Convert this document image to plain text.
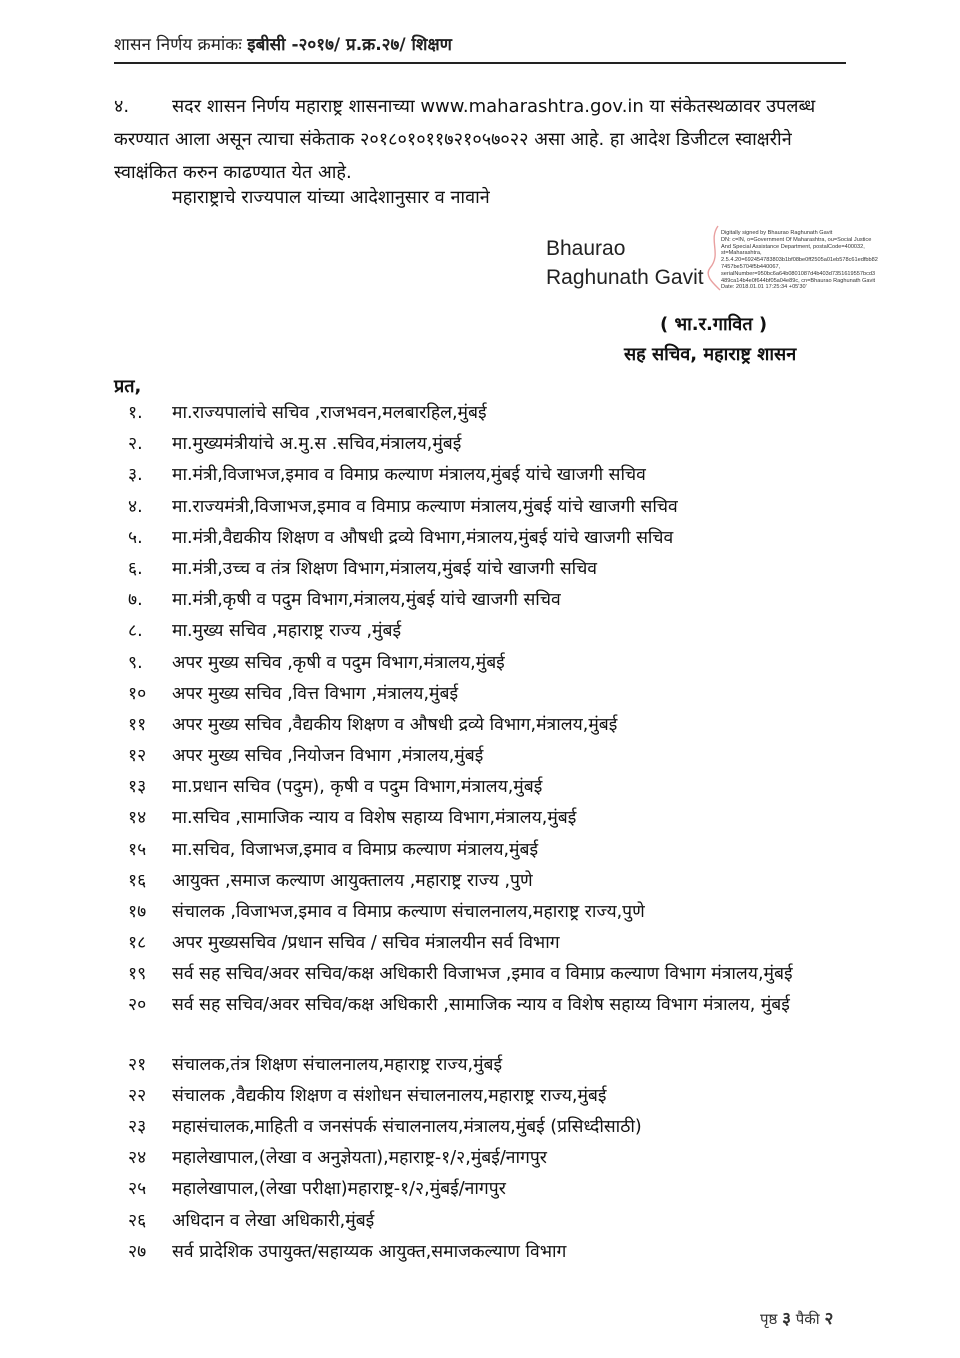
शासन निर्णय क्रमांकः इबीसी -२०१७/ प्र.क्र.२७/ शिक्षण
४. सदर शासन निर्णय महाराष्ट्र शासनाच्या www.maharashtra.gov.in या संकेतस्थळावर उपलब्ध करण्यात आला असून त्याचा संकेताक २०१८०१०११७२१०५७०२२ असा आहे. हा आदेश डिजीटल स्वाक्षरीने स्वाक्षंकित करुन काढण्यात येत आहे.
महाराष्ट्राचे राज्यपाल यांच्या आदेशानुसार व नावाने
Bhaurao
Raghunath Gavit
Digitally signed by Bhaurao Raghunath Gavit
DN: c=IN, o=Government Of Maharashtra, ou=Social Justice
And Special Assistance Department, postalCode=400032,
st=Maharashtra,
2.5.4.20=692454783803b1bf08be0ff2505a01eb578c61edfbb82
7457be5704f5b440067,
serialNumber=950bc6a64b0801087d4b403d7351619557bcd3
489ca14b4e0f644bf05a04e89c, cn=Bhaurao Raghunath Gavit
Date: 2018.01.01 17:25:34 +05'30'
( भा.र.गावित )
सह सचिव, महाराष्ट्र शासन
प्रत,
१.	मा.राज्यपालांचे सचिव ,राजभवन,मलबारहिल,मुंबई
२.	मा.मुख्यमंत्रीयांचे अ.मु.स .सचिव,मंत्रालय,मुंबई
३.	मा.मंत्री,विजाभज,इमाव व विमाप्र कल्याण मंत्रालय,मुंबई यांचे खाजगी सचिव
४.	मा.राज्यमंत्री,विजाभज,इमाव व विमाप्र कल्याण मंत्रालय,मुंबई यांचे खाजगी सचिव
५.	मा.मंत्री,वैद्यकीय शिक्षण व औषधी द्रव्ये विभाग,मंत्रालय,मुंबई यांचे खाजगी सचिव
६.	मा.मंत्री,उच्च व तंत्र शिक्षण विभाग,मंत्रालय,मुंबई यांचे खाजगी सचिव
७.	मा.मंत्री,कृषी व पदुम विभाग,मंत्रालय,मुंबई यांचे खाजगी सचिव
८.	मा.मुख्य सचिव ,महाराष्ट्र राज्य ,मुंबई
९.	अपर मुख्य सचिव ,कृषी व पदुम विभाग,मंत्रालय,मुंबई
१०	अपर मुख्य सचिव ,वित्त विभाग ,मंत्रालय,मुंबई
११	अपर मुख्य सचिव ,वैद्यकीय शिक्षण व औषधी द्रव्ये विभाग,मंत्रालय,मुंबई
१२	अपर मुख्य सचिव ,नियोजन विभाग ,मंत्रालय,मुंबई
१३	मा.प्रधान सचिव (पदुम), कृषी व पदुम विभाग,मंत्रालय,मुंबई
१४	मा.सचिव ,सामाजिक न्याय व विशेष सहाय्य विभाग,मंत्रालय,मुंबई
१५	मा.सचिव, विजाभज,इमाव व विमाप्र कल्याण मंत्रालय,मुंबई
१६	आयुक्त ,समाज कल्याण आयुक्तालय ,महाराष्ट्र राज्य ,पुणे
१७	संचालक ,विजाभज,इमाव व विमाप्र कल्याण संचालनालय,महाराष्ट्र राज्य,पुणे
१८	अपर मुख्यसचिव /प्रधान सचिव / सचिव मंत्रालयीन सर्व विभाग
१९	सर्व सह सचिव/अवर सचिव/कक्ष अधिकारी विजाभज ,इमाव व विमाप्र कल्याण विभाग मंत्रालय,मुंबई
२०	सर्व सह सचिव/अवर सचिव/कक्ष अधिकारी ,सामाजिक न्याय व विशेष सहाय्य विभाग मंत्रालय, मुंबई
२१	संचालक,तंत्र शिक्षण संचालनालय,महाराष्ट्र राज्य,मुंबई
२२	संचालक ,वैद्यकीय शिक्षण व संशोधन संचालनालय,महाराष्ट्र राज्य,मुंबई
२३	महासंचालक,माहिती व जनसंपर्क संचालनालय,मंत्रालय,मुंबई (प्रसिध्दीसाठी)
२४	महालेखापाल,(लेखा व अनुज्ञेयता),महाराष्ट्र-१/२,मुंबई/नागपुर
२५	महालेखापाल,(लेखा परीक्षा)महाराष्ट्र-१/२,मुंबई/नागपुर
२६	अधिदान व लेखा अधिकारी,मुंबई
२७	सर्व प्रादेशिक उपायुक्त/सहाय्यक आयुक्त,समाजकल्याण विभाग
पृष्ठ ३ पैकी २
